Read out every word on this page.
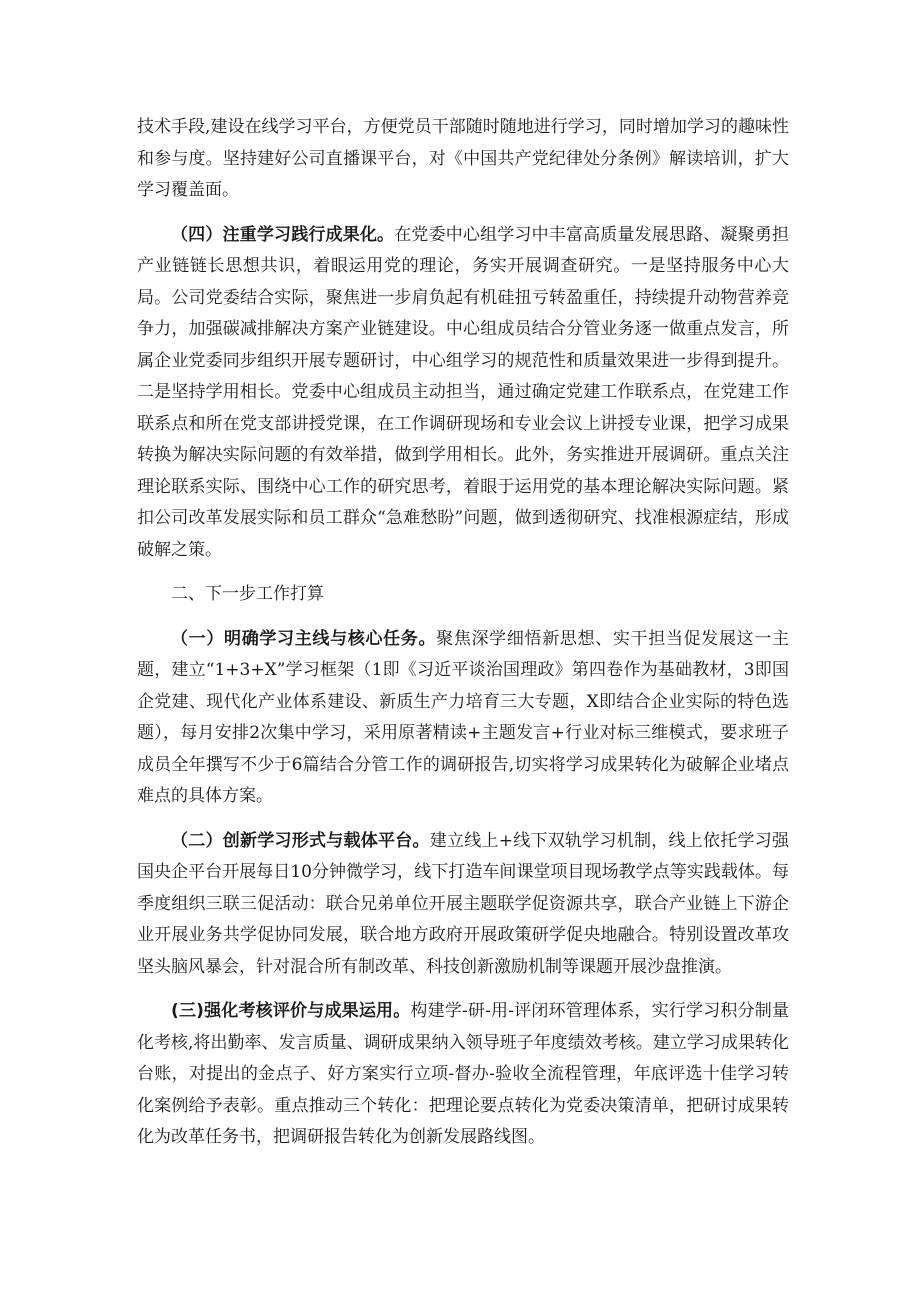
技术手段,建设在线学习平台，方便党员干部随时随地进行学习，同时增加学习的趣味性和参与度。坚持建好公司直播课平台，对《中国共产党纪律处分条例》解读培训，扩大学习覆盖面。

（四）注重学习践行成果化。在党委中心组学习中丰富高质量发展思路、凝聚勇担产业链链长思想共识，着眼运用党的理论，务实开展调查研究。一是坚持服务中心大局。公司党委结合实际，聚焦进一步肩负起有机硅扭亏转盈重任，持续提升动物营养竞争力，加强碳减排解决方案产业链建设。中心组成员结合分管业务逐一做重点发言，所属企业党委同步组织开展专题研讨，中心组学习的规范性和质量效果进一步得到提升。二是坚持学用相长。党委中心组成员主动担当，通过确定党建工作联系点，在党建工作联系点和所在党支部讲授党课，在工作调研现场和专业会议上讲授专业课，把学习成果转换为解决实际问题的有效举措，做到学用相长。此外，务实推进开展调研。重点关注理论联系实际、围绕中心工作的研究思考，着眼于运用党的基本理论解决实际问题。紧扣公司改革发展实际和员工群众“急难愁盼”问题，做到透彻研究、找准根源症结，形成破解之策。

二、下一步工作打算

（一）明确学习主线与核心任务。聚焦深学细悟新思想、实干担当促发展这一主题，建立“1+3+X”学习框架（1即《习近平谈治国理政》第四卷作为基础教材，3即国企党建、现代化产业体系建设、新质生产力培育三大专题，X即结合企业实际的特色选题），每月安排2次集中学习，采用原著精读+主题发言+行业对标三维模式，要求班子成员全年撰写不少于6篇结合分管工作的调研报告,切实将学习成果转化为破解企业堵点难点的具体方案。

（二）创新学习形式与载体平台。建立线上+线下双轨学习机制，线上依托学习强国央企平台开展每日10分钟微学习，线下打造车间课堂项目现场教学点等实践载体。每季度组织三联三促活动：联合兄弟单位开展主题联学促资源共享，联合产业链上下游企业开展业务共学促协同发展，联合地方政府开展政策研学促央地融合。特别设置改革攻坚头脑风暴会，针对混合所有制改革、科技创新激励机制等课题开展沙盘推演。

(三)强化考核评价与成果运用。构建学-研-用-评闭环管理体系，实行学习积分制量化考核,将出勤率、发言质量、调研成果纳入领导班子年度绩效考核。建立学习成果转化台账，对提出的金点子、好方案实行立项-督办-验收全流程管理，年底评选十佳学习转化案例给予表彰。重点推动三个转化：把理论要点转化为党委决策清单，把研讨成果转化为改革任务书，把调研报告转化为创新发展路线图。
